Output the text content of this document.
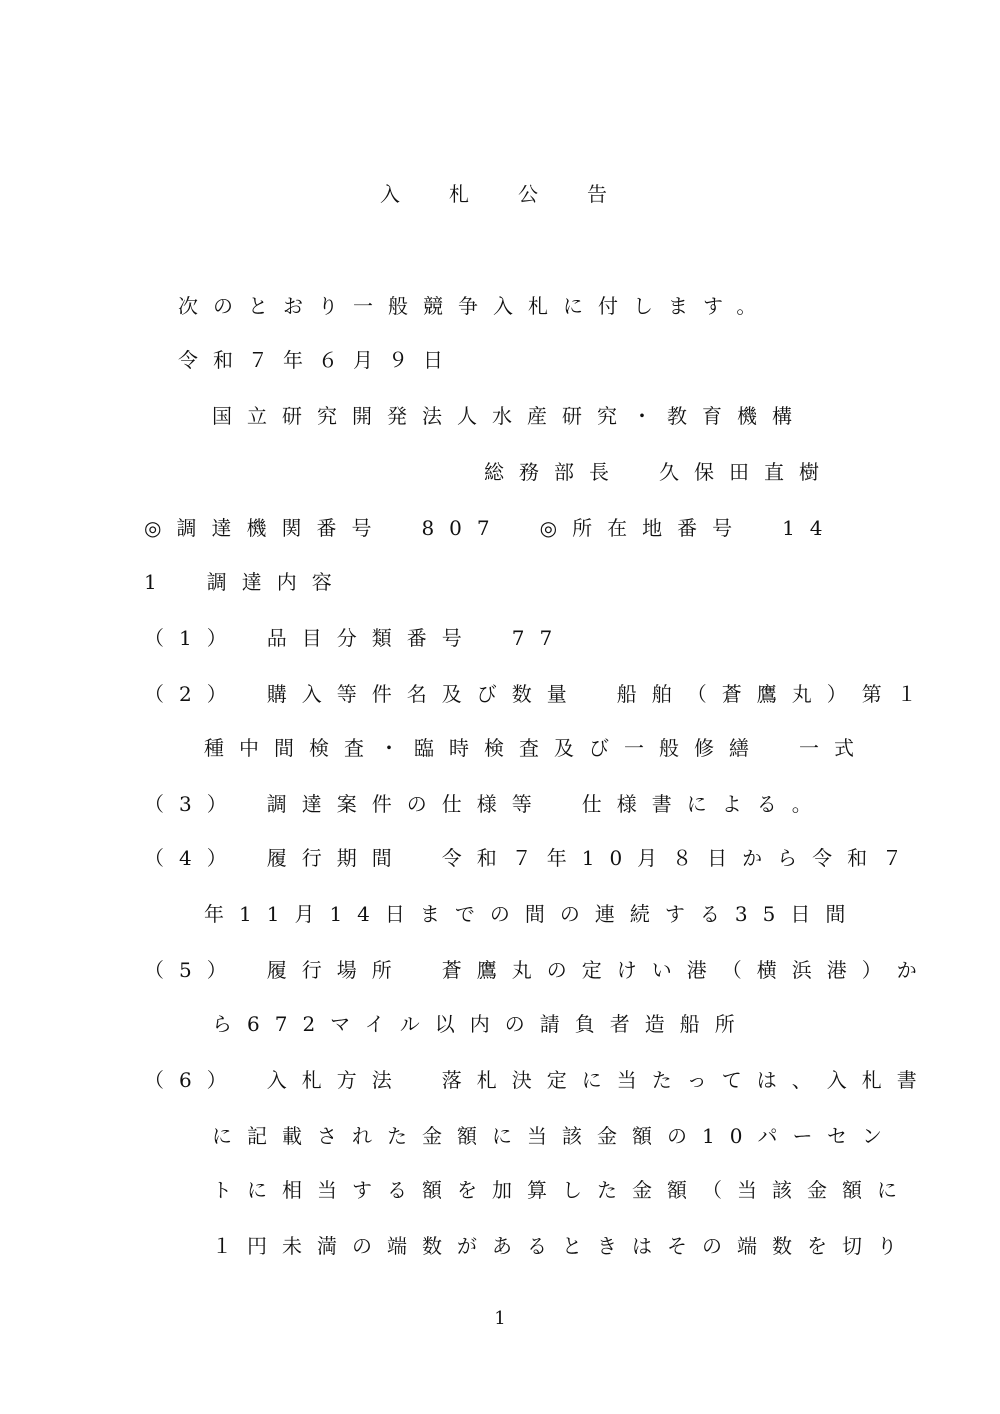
入札公告
次のとおり一般競争入札に付します。
令和７年６月９日
国立研究開発法人水産研究・教育機構
総務部長　久保田直樹
◎調達機関番号　807　◎所在地番号　14
1　調達内容
（1）　品目分類番号　77
（2）　購入等件名及び数量　船舶（蒼鷹丸）第１
種中間検査・臨時検査及び一般修繕　一式
（3）　調達案件の仕様等　仕様書による。
（4）　履行期間　令和７年10月８日から令和７
年11月14日までの間の連続する35日間
（5）　履行場所　蒼鷹丸の定けい港（横浜港）か
ら672マイル以内の請負者造船所
（6）　入札方法　落札決定に当たっては、入札書
に記載された金額に当該金額の10パーセン
トに相当する額を加算した金額（当該金額に
１円未満の端数があるときはその端数を切り
1
